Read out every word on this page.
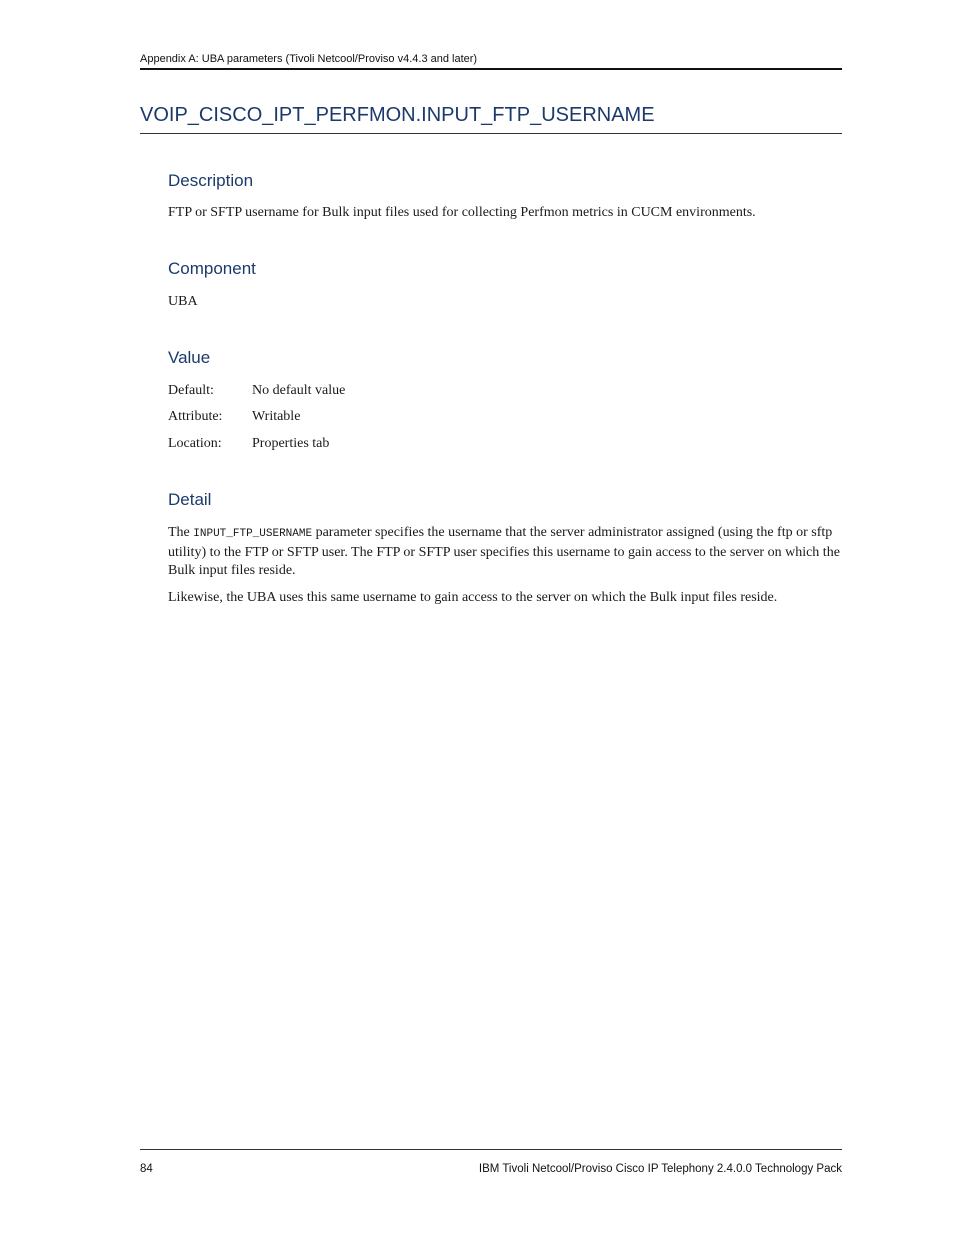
Appendix A: UBA parameters (Tivoli Netcool/Proviso v4.4.3 and later)
VOIP_CISCO_IPT_PERFMON.INPUT_FTP_USERNAME
Description

FTP or SFTP username for Bulk input files used for collecting Perfmon metrics in CUCM environments.

Component

UBA

Value
Default:	No default value
Attribute: Writable
Location: Properties tab
Detail

The INPUT_FTP_USERNAME parameter specifies the username that the server administrator assigned (using the ftp or sftp utility) to the FTP or SFTP user. The FTP or SFTP user specifies this username to gain access to the server on which the Bulk input files reside.

Likewise, the UBA uses this same username to gain access to the server on which the Bulk input files reside.

84	IBM Tivoli Netcool/Proviso Cisco IP Telephony 2.4.0.0 Technology Pack
